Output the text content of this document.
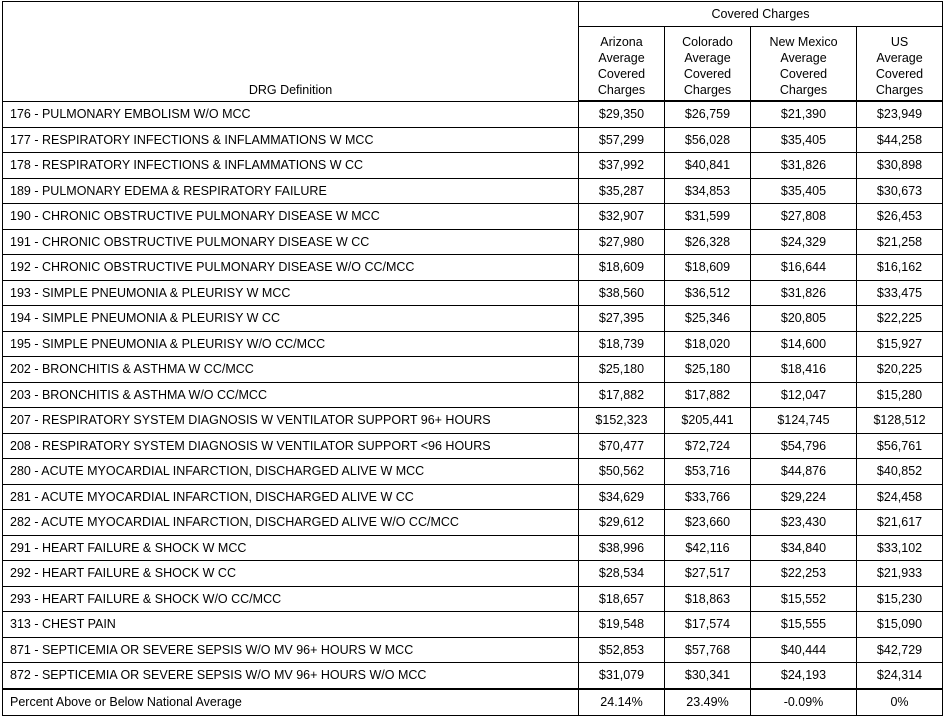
DRG Definition	Covered Charges			
	Arizona
Average
Covered
Charges	Colorado
Average
Covered
Charges	New Mexico
Average
Covered
Charges	US
Average
Covered
Charges
176 - PULMONARY EMBOLISM W/O MCC	$29,350	$26,759	$21,390	$23,949
177 - RESPIRATORY INFECTIONS & INFLAMMATIONS W MCC	$57,299	$56,028	$35,405	$44,258
178 - RESPIRATORY INFECTIONS & INFLAMMATIONS W CC	$37,992	$40,841	$31,826	$30,898
189 - PULMONARY EDEMA & RESPIRATORY FAILURE	$35,287	$34,853	$35,405	$30,673
190 - CHRONIC OBSTRUCTIVE PULMONARY DISEASE W MCC	$32,907	$31,599	$27,808	$26,453
191 - CHRONIC OBSTRUCTIVE PULMONARY DISEASE W CC	$27,980	$26,328	$24,329	$21,258
192 - CHRONIC OBSTRUCTIVE PULMONARY DISEASE W/O CC/MCC	$18,609	$18,609	$16,644	$16,162
193 - SIMPLE PNEUMONIA & PLEURISY W MCC	$38,560	$36,512	$31,826	$33,475
194 - SIMPLE PNEUMONIA & PLEURISY W CC	$27,395	$25,346	$20,805	$22,225
195 - SIMPLE PNEUMONIA & PLEURISY W/O CC/MCC	$18,739	$18,020	$14,600	$15,927
202 - BRONCHITIS & ASTHMA W CC/MCC	$25,180	$25,180	$18,416	$20,225
203 - BRONCHITIS & ASTHMA W/O CC/MCC	$17,882	$17,882	$12,047	$15,280
207 - RESPIRATORY SYSTEM DIAGNOSIS W VENTILATOR SUPPORT 96+ HOURS	$152,323	$205,441	$124,745	$128,512
208 - RESPIRATORY SYSTEM DIAGNOSIS W VENTILATOR SUPPORT <96 HOURS	$70,477	$72,724	$54,796	$56,761
280 - ACUTE MYOCARDIAL INFARCTION, DISCHARGED ALIVE W MCC	$50,562	$53,716	$44,876	$40,852
281 - ACUTE MYOCARDIAL INFARCTION, DISCHARGED ALIVE W CC	$34,629	$33,766	$29,224	$24,458
282 - ACUTE MYOCARDIAL INFARCTION, DISCHARGED ALIVE W/O CC/MCC	$29,612	$23,660	$23,430	$21,617
291 - HEART FAILURE & SHOCK W MCC	$38,996	$42,116	$34,840	$33,102
292 - HEART FAILURE & SHOCK W CC	$28,534	$27,517	$22,253	$21,933
293 - HEART FAILURE & SHOCK W/O CC/MCC	$18,657	$18,863	$15,552	$15,230
313 - CHEST PAIN	$19,548	$17,574	$15,555	$15,090
871 - SEPTICEMIA OR SEVERE SEPSIS W/O MV 96+ HOURS W MCC	$52,853	$57,768	$40,444	$42,729
872 - SEPTICEMIA OR SEVERE SEPSIS W/O MV 96+ HOURS W/O MCC	$31,079	$30,341	$24,193	$24,314
Percent Above or Below National Average	24.14%	23.49%	-0.09%	0%
